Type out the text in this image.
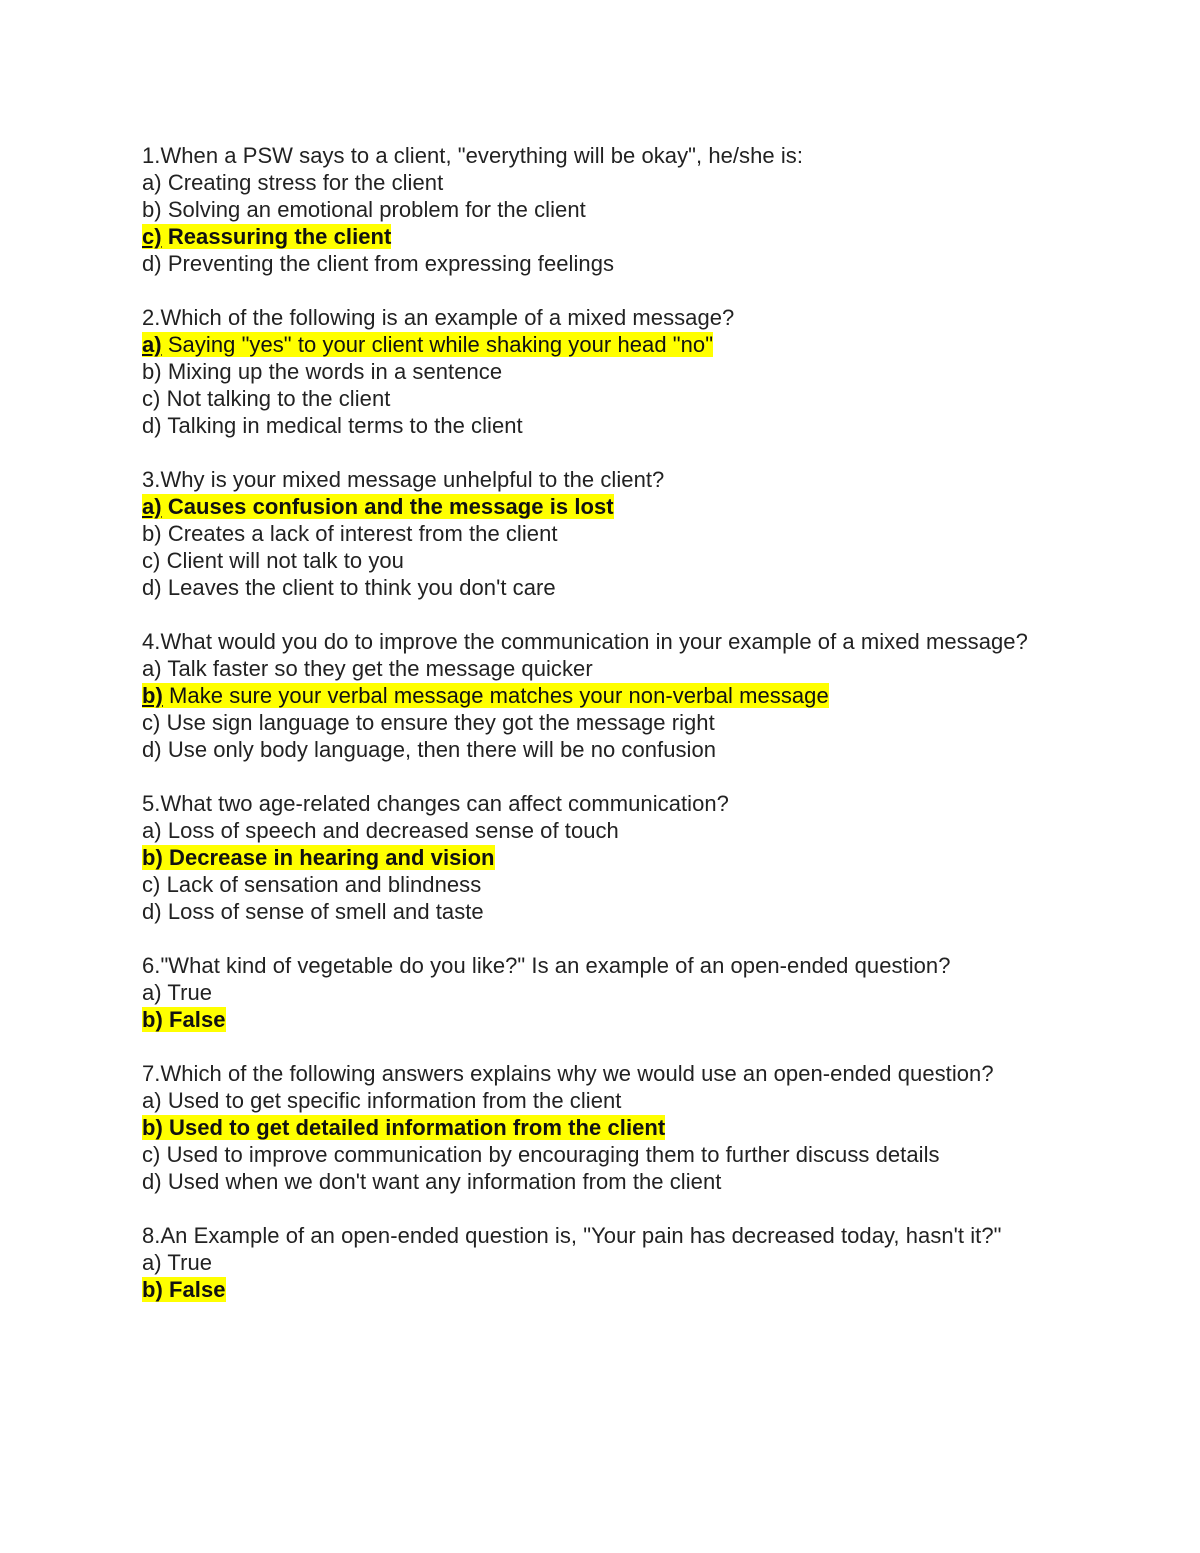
1.When a PSW says to a client, "everything will be okay", he/she is:

a) Creating stress for the client

b) Solving an emotional problem for the client

c) Reassuring the client

d) Preventing the client from expressing feelings

2.Which of the following is an example of a mixed message?

a) Saying "yes" to your client while shaking your head "no"

b) Mixing up the words in a sentence

c) Not talking to the client

d) Talking in medical terms to the client

3.Why is your mixed message unhelpful to the client?

a) Causes confusion and the message is lost

b) Creates a lack of interest from the client

c) Client will not talk to you

d) Leaves the client to think you don't care

4.What would you do to improve the communication in your example of a mixed message?

a) Talk faster so they get the message quicker

b) Make sure your verbal message matches your non-verbal message

c) Use sign language to ensure they got the message right

d) Use only body language, then there will be no confusion

5.What two age-related changes can affect communication?

a) Loss of speech and decreased sense of touch

b) Decrease in hearing and vision

c) Lack of sensation and blindness

d) Loss of sense of smell and taste

6."What kind of vegetable do you like?" Is an example of an open-ended question?

a) True

b) False

7.Which of the following answers explains why we would use an open-ended question?

a) Used to get specific information from the client

b) Used to get detailed information from the client

c) Used to improve communication by encouraging them to further discuss details

d) Used when we don't want any information from the client

8.An Example of an open-ended question is, "Your pain has decreased today, hasn't it?"

a) True

b) False
